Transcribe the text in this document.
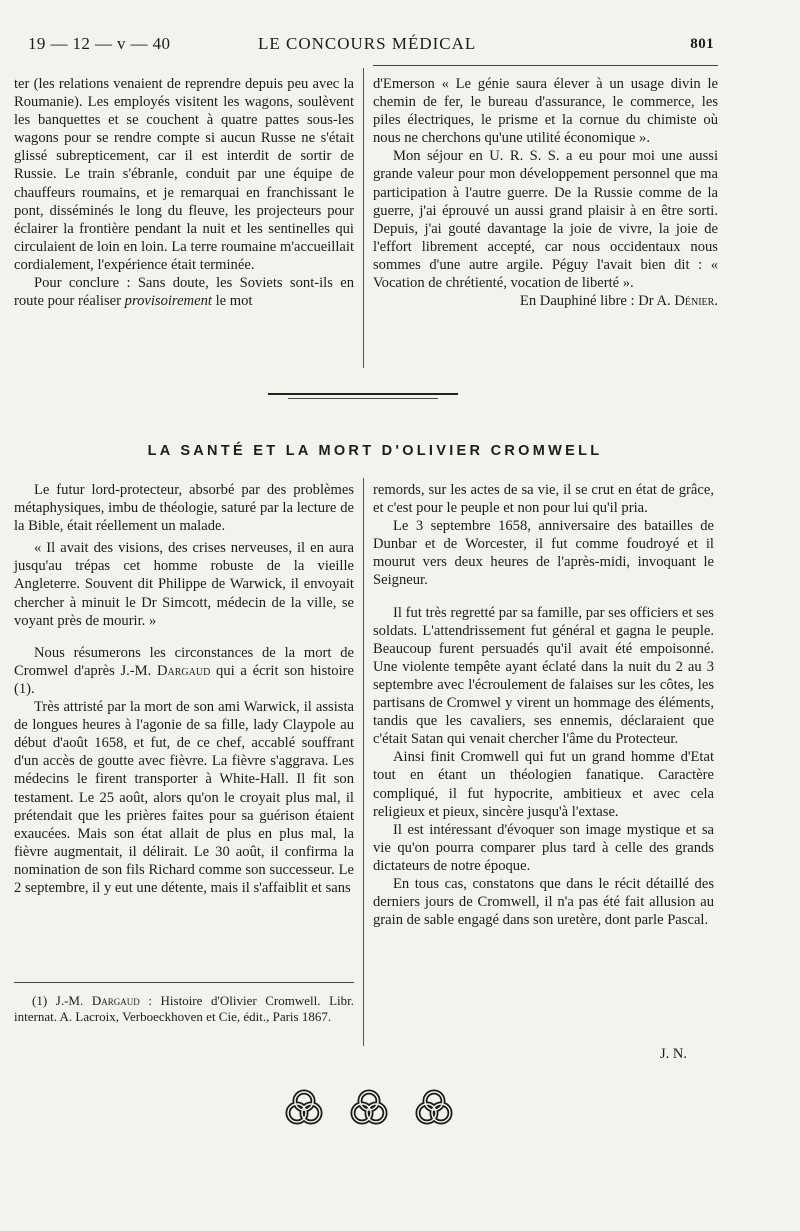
19 — 12 — v — 40	LE CONCOURS MÉDICAL	801

ter (les relations venaient de reprendre depuis peu avec la Roumanie). Les employés visitent les wagons, soulèvent les banquettes et se couchent à quatre pattes sous-les wagons pour se rendre compte si aucun Russe ne s'était glissé subrepticement, car il est interdit de sortir de Russie. Le train s'ébranle, conduit par une équipe de chauffeurs roumains, et je remarquai en franchissant le pont, disséminés le long du fleuve, les projecteurs pour éclairer la frontière pendant la nuit et les sentinelles qui circulaient de loin en loin. La terre roumaine m'accueillait cordialement, l'expérience était terminée.

Pour conclure : Sans doute, les Soviets sont-ils en route pour réaliser provisoirement le mot

d'Emerson « Le génie saura élever à un usage divin le chemin de fer, le bureau d'assurance, le commerce, les piles électriques, le prisme et la cornue du chimiste où nous ne cherchons qu'une utilité économique ».

Mon séjour en U. R. S. S. a eu pour moi une aussi grande valeur pour mon développement personnel que ma participation à l'autre guerre. De la Russie comme de la guerre, j'ai éprouvé un aussi grand plaisir à en être sorti. Depuis, j'ai gouté davantage la joie de vivre, la joie de l'effort librement accepté, car nous occidentaux nous sommes d'une autre argile. Péguy l'avait bien dit : « Vocation de chrétienté, vocation de liberté ».

En Dauphiné libre : Dr A. Dénier.

LA SANTÉ ET LA MORT D'OLIVIER CROMWELL

Le futur lord-protecteur, absorbé par des problèmes métaphysiques, imbu de théologie, saturé par la lecture de la Bible, était réellement un malade.

« Il avait des visions, des crises nerveuses, il en aura jusqu'au trépas cet homme robuste de la vieille Angleterre. Souvent dit Philippe de Warwick, il envoyait chercher à minuit le Dr Simcott, médecin de la ville, se voyant près de mourir. »

Nous résumerons les circonstances de la mort de Cromwel d'après J.-M. Dargaud qui a écrit son histoire (1).

Très attristé par la mort de son ami Warwick, il assista de longues heures à l'agonie de sa fille, lady Claypole au début d'août 1658, et fut, de ce chef, accablé souffrant d'un accès de goutte avec fièvre. La fièvre s'aggrava. Les médecins le firent transporter à White-Hall. Il fit son testament. Le 25 août, alors qu'on le croyait plus mal, il prétendait que les prières faites pour sa guérison étaient exaucées. Mais son état allait de plus en plus mal, la fièvre augmentait, il délirait. Le 30 août, il confirma la nomination de son fils Richard comme son successeur. Le 2 septembre, il y eut une détente, mais il s'affaiblit et sans

(1) J.-M. Dargaud : Histoire d'Olivier Cromwell. Libr. internat. A. Lacroix, Verboeckhoven et Cie, édit., Paris 1867.

remords, sur les actes de sa vie, il se crut en état de grâce, et c'est pour le peuple et non pour lui qu'il pria.

Le 3 septembre 1658, anniversaire des batailles de Dunbar et de Worcester, il fut comme foudroyé et il mourut vers deux heures de l'après-midi, invoquant le Seigneur.

Il fut très regretté par sa famille, par ses officiers et ses soldats. L'attendrissement fut général et gagna le peuple. Beaucoup furent persuadés qu'il avait été empoisonné. Une violente tempête ayant éclaté dans la nuit du 2 au 3 septembre avec l'écroulement de falaises sur les côtes, les partisans de Cromwel y virent un hommage des éléments, tandis que les cavaliers, ses ennemis, déclaraient que c'était Satan qui venait chercher l'âme du Protecteur.

Ainsi finit Cromwell qui fut un grand homme d'Etat tout en étant un théologien fanatique. Caractère compliqué, il fut hypocrite, ambitieux et avec cela religieux et pieux, sincère jusqu'à l'extase.

Il est intéressant d'évoquer son image mystique et sa vie qu'on pourra comparer plus tard à celle des grands dictateurs de notre époque.

En tous cas, constatons que dans le récit détaillé des derniers jours de Cromwell, il n'a pas été fait allusion au grain de sable engagé dans son uretère, dont parle Pascal.

J. N.
